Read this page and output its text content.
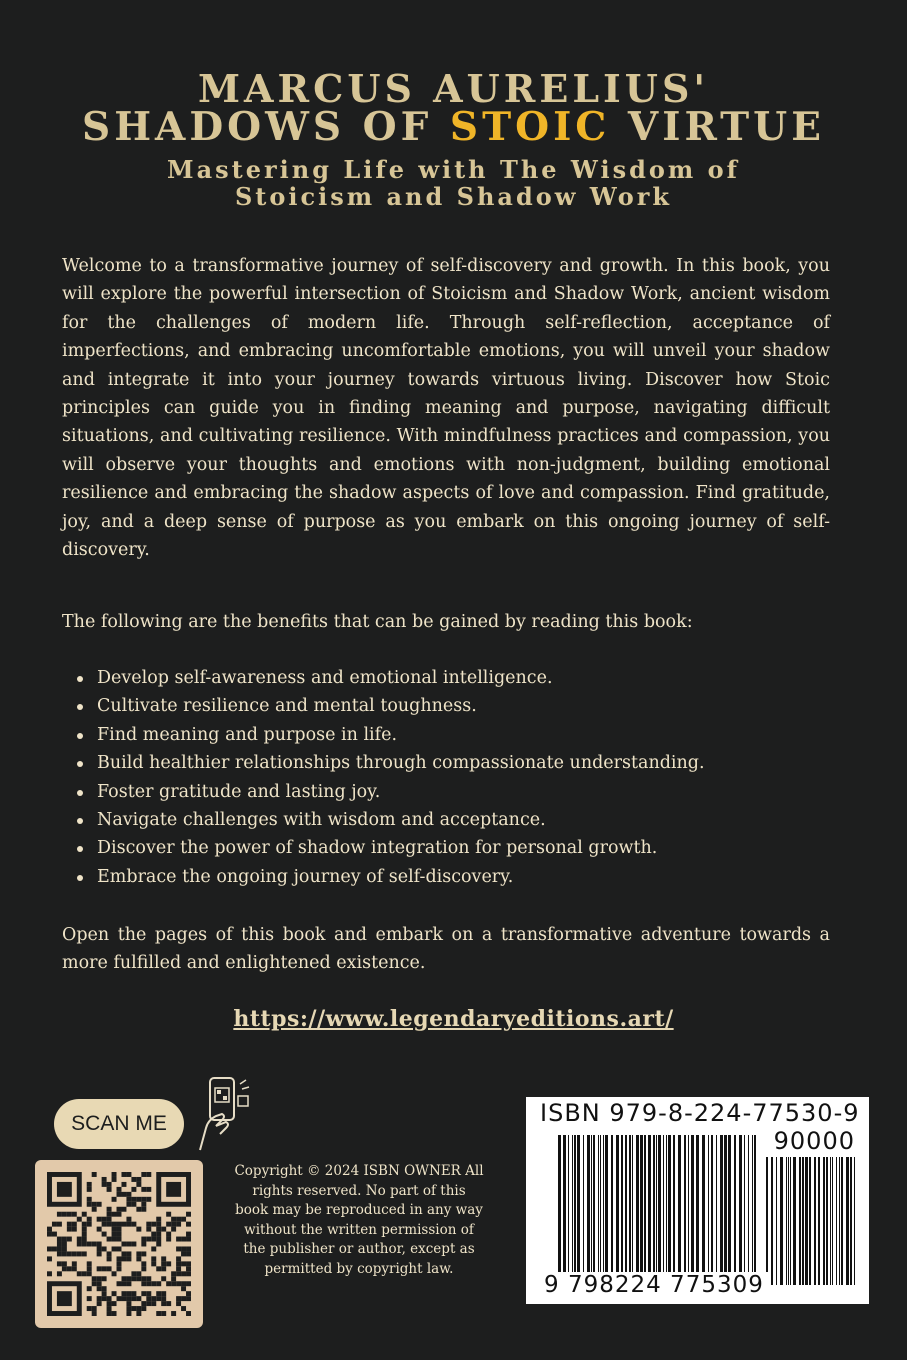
MARCUS AURELIUS'
SHADOWS OF STOIC VIRTUE
Mastering Life with The Wisdom of
Stoicism and Shadow Work

Welcome to a transformative journey of self-discovery and growth. In this book, you will explore the powerful intersection of Stoicism and Shadow Work, ancient wisdom for the challenges of modern life. Through self-reflection, acceptance of imperfections, and embracing uncomfortable emotions, you will unveil your shadow and integrate it into your journey towards virtuous living. Discover how Stoic principles can guide you in finding meaning and purpose, navigating difficult situations, and cultivating resilience. With mindfulness practices and compassion, you will observe your thoughts and emotions with non-judgment, building emotional resilience and embracing the shadow aspects of love and compassion. Find gratitude, joy, and a deep sense of purpose as you embark on this ongoing journey of self-discovery.

The following are the benefits that can be gained by reading this book:

Develop self-awareness and emotional intelligence.
Cultivate resilience and mental toughness.
Find meaning and purpose in life.
Build healthier relationships through compassionate understanding.
Foster gratitude and lasting joy.
Navigate challenges with wisdom and acceptance.
Discover the power of shadow integration for personal growth.
Embrace the ongoing journey of self-discovery.

Open the pages of this book and embark on a transformative adventure towards a more fulfilled and enlightened existence.

https://www.legendaryeditions.art/
SCAN ME
Copyright © 2024 ISBN OWNER All rights reserved. No part of this book may be reproduced in any way without the written permission of the publisher or author, except as permitted by copyright law.
ISBN 979-8-224-77530-9
90000
9 798224 775309
